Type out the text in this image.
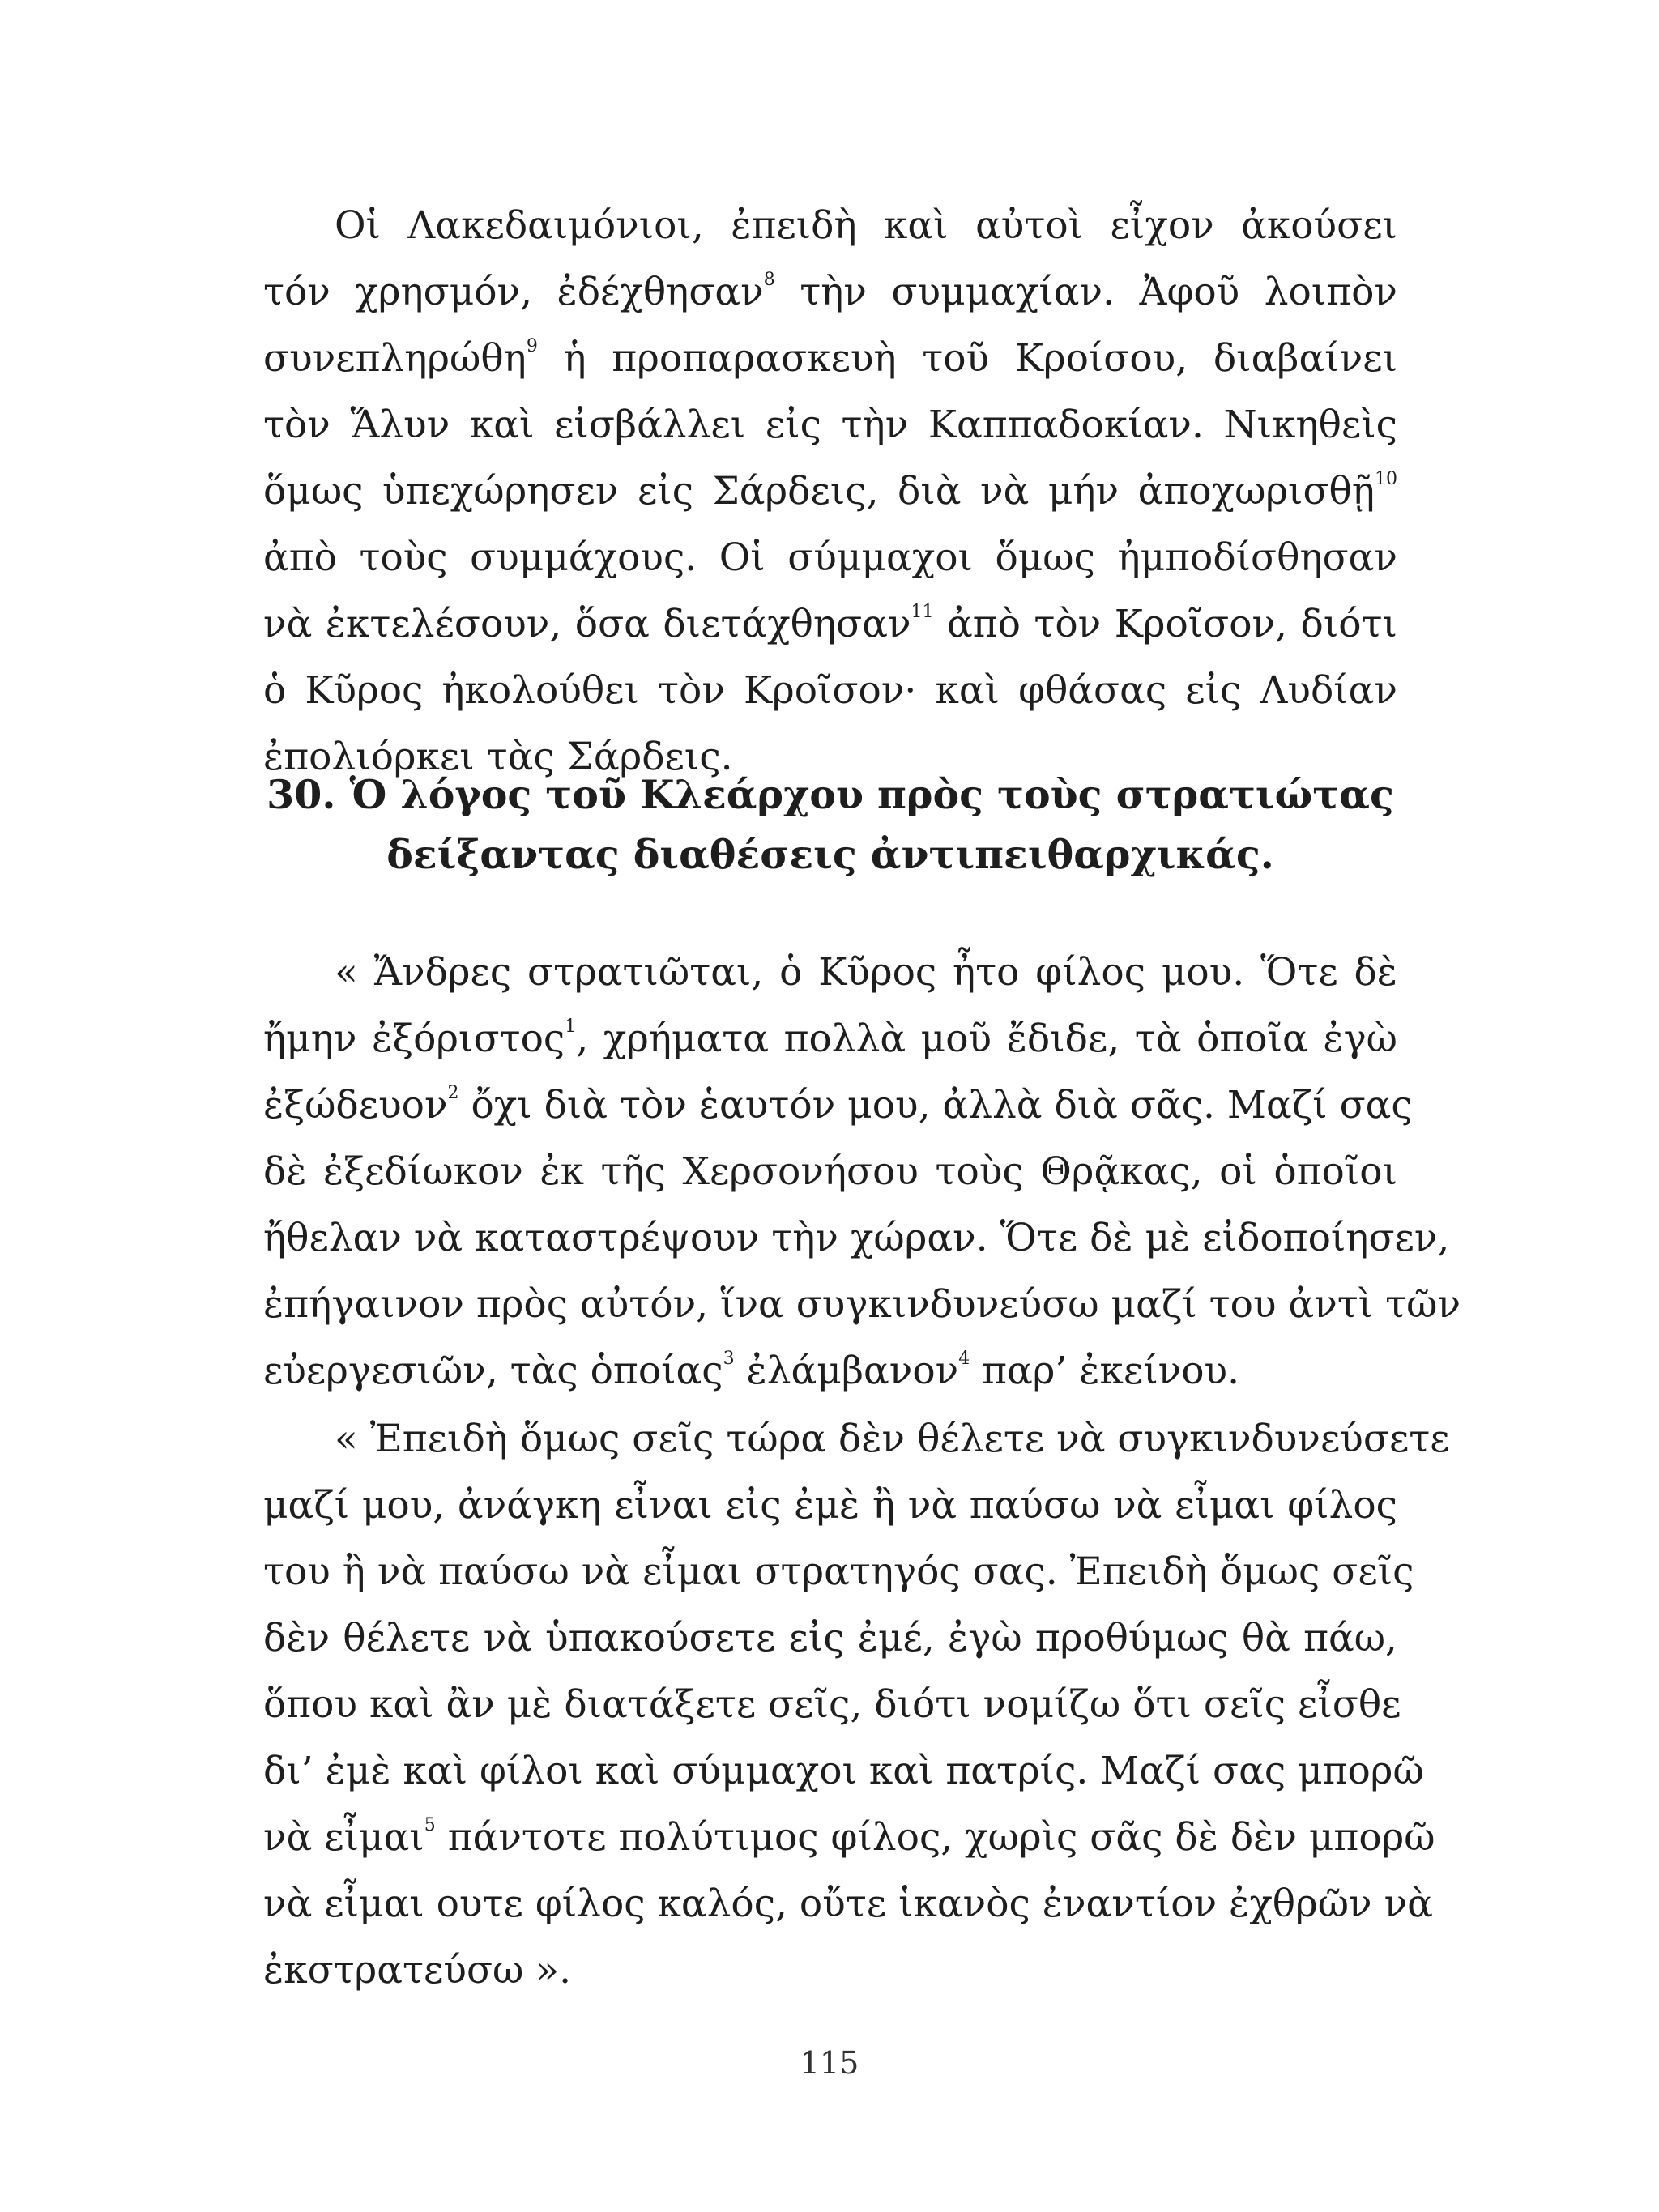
Οἱ Λακεδαιμόνιοι, ἐπειδὴ καὶ αὐτοὶ εἶχον ἀκούσει
τόν χρησμόν, ἐδέχθησαν$^8$ τὴν συμμαχίαν. Ἀφοῦ λοιπὸν
συνεπληρώθη$^9$ ἡ προπαρασκευὴ τοῦ Κροίσου, διαβαίνει
τὸν Ἅλυν καὶ εἰσβάλλει εἰς τὴν Καππαδοκίαν. Νικηθεὶς
ὅμως ὑπεχώρησεν εἰς Σάρδεις, διὰ νὰ μήν ἀποχωρισθῇ$^{10}$
ἀπὸ τοὺς συμμάχους. Οἱ σύμμαχοι ὅμως ἠμποδίσθησαν
νὰ ἐκτελέσουν, ὅσα διετάχθησαν$^{11}$ ἀπὸ τὸν Κροῖσον, διότι
ὁ Κῦρος ἠκολούθει τὸν Κροῖσον· καὶ φθάσας εἰς Λυδίαν
ἐπολιόρκει τὰς Σάρδεις.
30. Ὁ λόγος τοῦ Κλεάρχου πρὸς τοὺς στρατιώτας
δείξαντας διαθέσεις ἀντιπειθαρχικάς.
« Ἄνδρες στρατιῶται, ὁ Κῦρος ἦτο φίλος μου. Ὅτε δὲ
ἤμην ἐξόριστος$^1$, χρήματα πολλὰ μοῦ ἔδιδε, τὰ ὁποῖα ἐγὼ
ἐξώδευον$^2$ ὄχι διὰ τὸν ἑαυτόν μου, ἀλλὰ διὰ σᾶς. Μαζί σας
δὲ ἐξεδίωκον ἐκ τῆς Χερσονήσου τοὺς Θρᾷκας, οἱ ὁποῖοι
ἤθελαν νὰ καταστρέψουν τὴν χώραν. Ὅτε δὲ μὲ εἰδοποίησεν,
ἐπήγαινον πρὸς αὐτόν, ἵνα συγκινδυνεύσω μαζί του ἀντὶ τῶν
εὐεργεσιῶν, τὰς ὁποίας$^3$ ἐλάμβανον$^4$ παρ’ ἐκείνου.
« Ἐπειδὴ ὅμως σεῖς τώρα δὲν θέλετε νὰ συγκινδυνεύσετε
μαζί μου, ἀνάγκη εἶναι εἰς ἐμὲ ἢ νὰ παύσω νὰ εἶμαι φίλος
του ἢ νὰ παύσω νὰ εἶμαι στρατηγός σας. Ἐπειδὴ ὅμως σεῖς
δὲν θέλετε νὰ ὑπακούσετε εἰς ἐμέ, ἐγὼ προθύμως θὰ πάω,
ὅπου καὶ ἂν μὲ διατάξετε σεῖς, διότι νομίζω ὅτι σεῖς εἶσθε
δι’ ἐμὲ καὶ φίλοι καὶ σύμμαχοι καὶ πατρίς. Μαζί σας μπορῶ
νὰ εἶμαι$^5$ πάντοτε πολύτιμος φίλος, χωρὶς σᾶς δὲ δὲν μπορῶ
νὰ εἶμαι ουτε φίλος καλός, οὔτε ἱκανὸς ἐναντίον ἐχθρῶν νὰ
ἐκστρατεύσω ».
115
